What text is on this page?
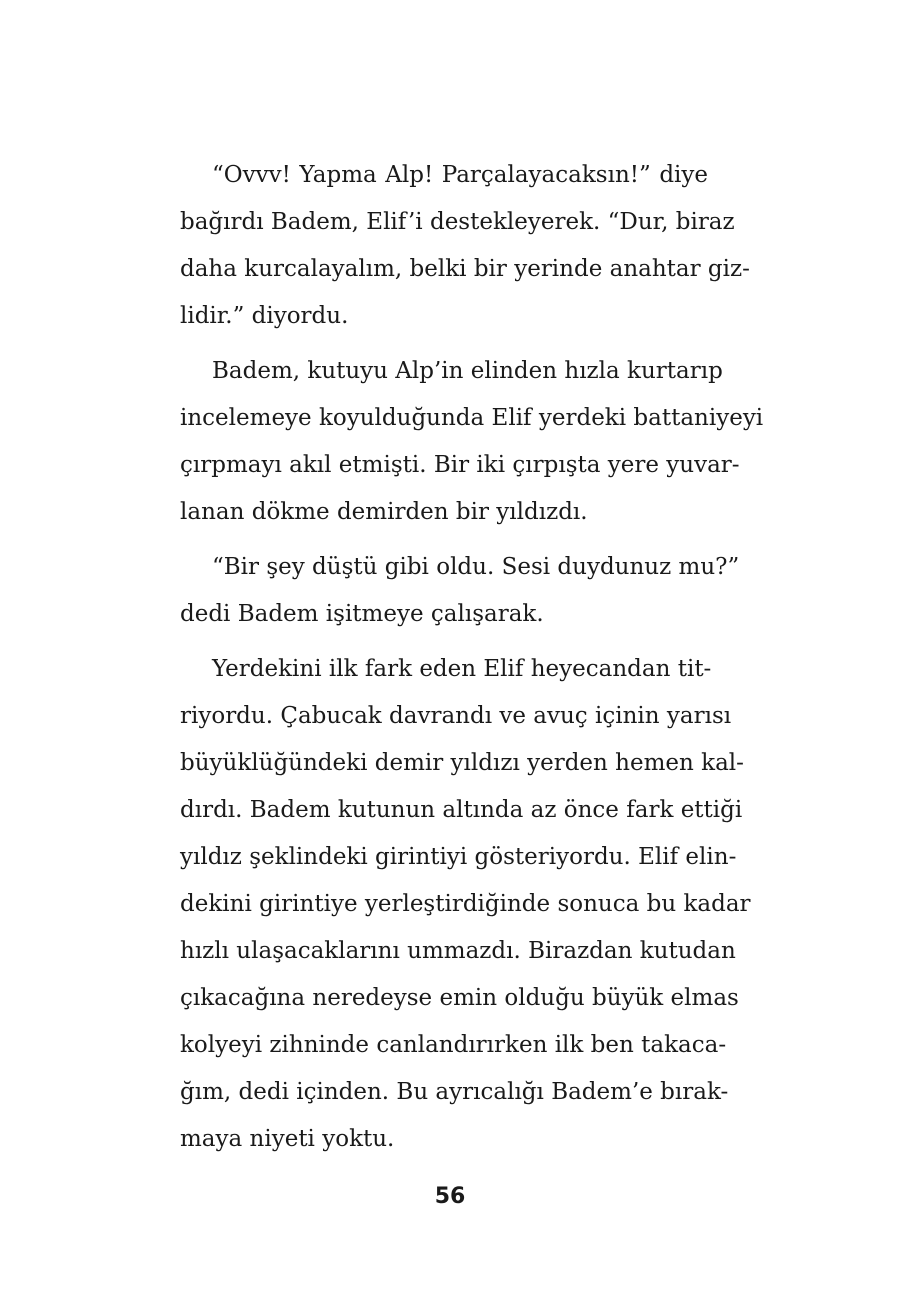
“Ovvv! Yapma Alp! Parçalayacaksın!” diye
bağırdı Badem, Elif’i destekleyerek. “Dur, biraz
daha kurcalayalım, belki bir yerinde anahtar giz-
lidir.” diyordu.
Badem, kutuyu Alp’in elinden hızla kurtarıp
incelemeye koyulduğunda Elif yerdeki battaniyeyi
çırpmayı akıl etmişti. Bir iki çırpışta yere yuvar-
lanan dökme demirden bir yıldızdı.
“Bir şey düştü gibi oldu. Sesi duydunuz mu?”
dedi Badem işitmeye çalışarak.
Yerdekini ilk fark eden Elif heyecandan tit-
riyordu. Çabucak davrandı ve avuç içinin yarısı
büyüklüğündeki demir yıldızı yerden hemen kal-
dırdı. Badem kutunun altında az önce fark ettiği
yıldız şeklindeki girintiyi gösteriyordu. Elif elin-
dekini girintiye yerleştirdiğinde sonuca bu kadar
hızlı ulaşacaklarını ummazdı. Birazdan kutudan
çıkacağına neredeyse emin olduğu büyük elmas
kolyeyi zihninde canlandırırken ilk ben takaca-
ğım, dedi içinden. Bu ayrıcalığı Badem’e bırak-
maya niyeti yoktu.
56
